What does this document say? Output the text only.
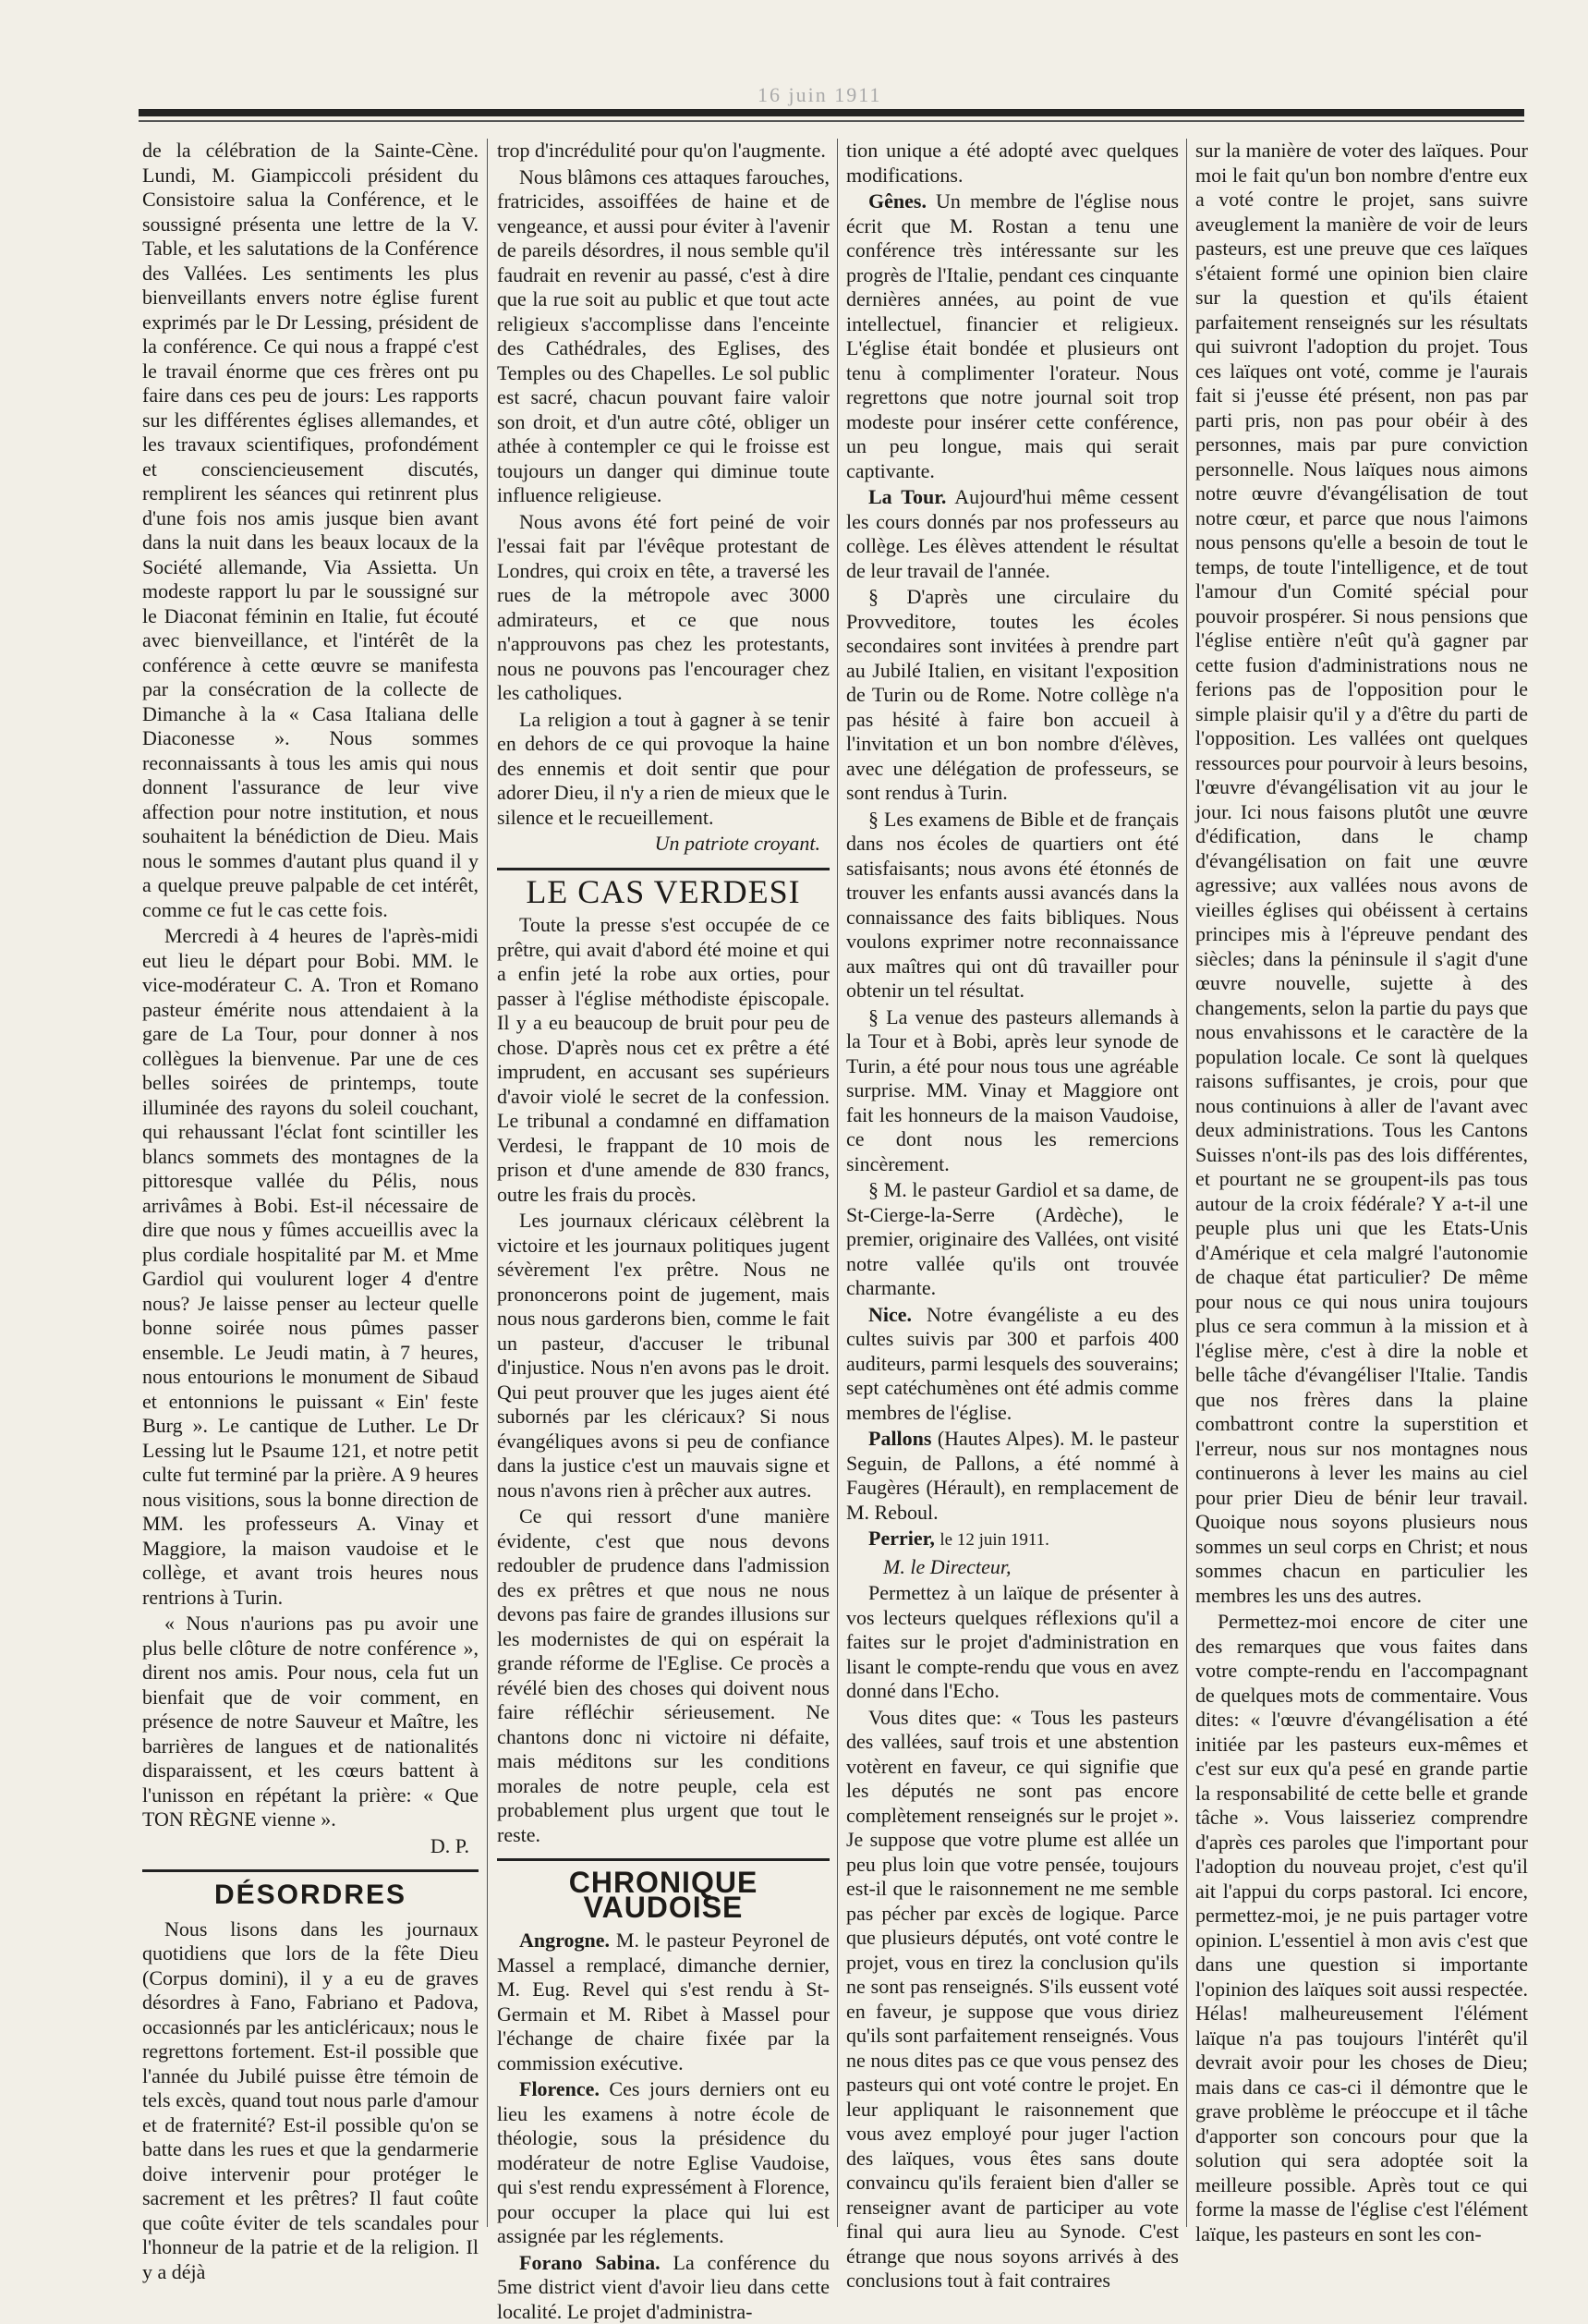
16 juin 1911

de la célébration de la Sainte-Cène. Lundi, M. Giampiccoli président du Consistoire salua la Conférence, et le soussigné présenta une lettre de la V. Table, et les salutations de la Conférence des Vallées. Les sentiments les plus bienveillants envers notre église furent exprimés par le Dr Lessing, président de la conférence. Ce qui nous a frappé c'est le travail énorme que ces frères ont pu faire dans ces peu de jours: Les rapports sur les différentes églises allemandes, et les travaux scientifiques, profondément et consciencieusement discutés, remplirent les séances qui retinrent plus d'une fois nos amis jusque bien avant dans la nuit dans les beaux locaux de la Société allemande, Via Assietta. Un modeste rapport lu par le soussigné sur le Diaconat féminin en Italie, fut écouté avec bienveillance, et l'intérêt de la conférence à cette œuvre se manifesta par la consécration de la collecte de Dimanche à la « Casa Italiana delle Diaconesse ». Nous sommes reconnaissants à tous les amis qui nous donnent l'assurance de leur vive affection pour notre institution, et nous souhaitent la bénédiction de Dieu. Mais nous le sommes d'autant plus quand il y a quelque preuve palpable de cet intérêt, comme ce fut le cas cette fois.

Mercredi à 4 heures de l'après-midi eut lieu le départ pour Bobi. MM. le vice-modérateur C. A. Tron et Romano pasteur émérite nous attendaient à la gare de La Tour, pour donner à nos collègues la bienvenue. Par une de ces belles soirées de printemps, toute illuminée des rayons du soleil couchant, qui rehaussant l'éclat font scintiller les blancs sommets des montagnes de la pittoresque vallée du Pélis, nous arrivâmes à Bobi. Est-il nécessaire de dire que nous y fûmes accueillis avec la plus cordiale hospitalité par M. et Mme Gardiol qui voulurent loger 4 d'entre nous? Je laisse penser au lecteur quelle bonne soirée nous pûmes passer ensemble. Le Jeudi matin, à 7 heures, nous entourions le monument de Sibaud et entonnions le puissant « Ein' feste Burg ». Le cantique de Luther. Le Dr Lessing lut le Psaume 121, et notre petit culte fut terminé par la prière. A 9 heures nous visitions, sous la bonne direction de MM. les professeurs A. Vinay et Maggiore, la maison vaudoise et le collège, et avant trois heures nous rentrions à Turin.

« Nous n'aurions pas pu avoir une plus belle clôture de notre conférence », dirent nos amis. Pour nous, cela fut un bienfait que de voir comment, en présence de notre Sauveur et Maître, les barrières de langues et de nationalités disparaissent, et les cœurs battent à l'unisson en répétant la prière: « Que TON RÈGNE vienne ».

D. P.
DÉSORDRES

Nous lisons dans les journaux quotidiens que lors de la fête Dieu (Corpus domini), il y a eu de graves désordres à Fano, Fabriano et Padova, occasionnés par les anticléricaux; nous le regrettons fortement. Est-il possible que l'année du Jubilé puisse être témoin de tels excès, quand tout nous parle d'amour et de fraternité? Est-il possible qu'on se batte dans les rues et que la gendarmerie doive intervenir pour protéger le sacrement et les prêtres? Il faut coûte que coûte éviter de tels scandales pour l'honneur de la patrie et de la religion. Il y a déjà

trop d'incrédulité pour qu'on l'augmente.

Nous blâmons ces attaques farouches, fratricides, assoiffées de haine et de vengeance, et aussi pour éviter à l'avenir de pareils désordres, il nous semble qu'il faudrait en revenir au passé, c'est à dire que la rue soit au public et que tout acte religieux s'accomplisse dans l'enceinte des Cathédrales, des Eglises, des Temples ou des Chapelles. Le sol public est sacré, chacun pouvant faire valoir son droit, et d'un autre côté, obliger un athée à contempler ce qui le froisse est toujours un danger qui diminue toute influence religieuse.

Nous avons été fort peiné de voir l'essai fait par l'évêque protestant de Londres, qui croix en tête, a traversé les rues de la métropole avec 3000 admirateurs, et ce que nous n'approuvons pas chez les protestants, nous ne pouvons pas l'encourager chez les catholiques.

La religion a tout à gagner à se tenir en dehors de ce qui provoque la haine des ennemis et doit sentir que pour adorer Dieu, il n'y a rien de mieux que le silence et le recueillement.

Un patriote croyant.
LE CAS VERDESI

Toute la presse s'est occupée de ce prêtre, qui avait d'abord été moine et qui a enfin jeté la robe aux orties, pour passer à l'église méthodiste épiscopale. Il y a eu beaucoup de bruit pour peu de chose. D'après nous cet ex prêtre a été imprudent, en accusant ses supérieurs d'avoir violé le secret de la confession. Le tribunal a condamné en diffamation Verdesi, le frappant de 10 mois de prison et d'une amende de 830 francs, outre les frais du procès.

Les journaux cléricaux célèbrent la victoire et les journaux politiques jugent sévèrement l'ex prêtre. Nous ne prononcerons point de jugement, mais nous nous garderons bien, comme le fait un pasteur, d'accuser le tribunal d'injustice. Nous n'en avons pas le droit. Qui peut prouver que les juges aient été subornés par les cléricaux? Si nous évangéliques avons si peu de confiance dans la justice c'est un mauvais signe et nous n'avons rien à prêcher aux autres.

Ce qui ressort d'une manière évidente, c'est que nous devons redoubler de prudence dans l'admission des ex prêtres et que nous ne nous devons pas faire de grandes illusions sur les modernistes de qui on espérait la grande réforme de l'Eglise. Ce procès a révélé bien des choses qui doivent nous faire réfléchir sérieusement. Ne chantons donc ni victoire ni défaite, mais méditons sur les conditions morales de notre peuple, cela est probablement plus urgent que tout le reste.

CHRONIQUE VAUDOISE

Angrogne. M. le pasteur Peyronel de Massel a remplacé, dimanche dernier, M. Eug. Revel qui s'est rendu à St-Germain et M. Ribet à Massel pour l'échange de chaire fixée par la commission exécutive.

Florence. Ces jours derniers ont eu lieu les examens à notre école de théologie, sous la présidence du modérateur de notre Eglise Vaudoise, qui s'est rendu expressément à Florence, pour occuper la place qui lui est assignée par les réglements.

Forano Sabina. La conférence du 5me district vient d'avoir lieu dans cette localité. Le projet d'administra-

tion unique a été adopté avec quelques modifications.

Gênes. Un membre de l'église nous écrit que M. Rostan a tenu une conférence très intéressante sur les progrès de l'Italie, pendant ces cinquante dernières années, au point de vue intellectuel, financier et religieux. L'église était bondée et plusieurs ont tenu à complimenter l'orateur. Nous regrettons que notre journal soit trop modeste pour insérer cette conférence, un peu longue, mais qui serait captivante.

La Tour. Aujourd'hui même cessent les cours donnés par nos professeurs au collège. Les élèves attendent le résultat de leur travail de l'année.

§ D'après une circulaire du Provveditore, toutes les écoles secondaires sont invitées à prendre part au Jubilé Italien, en visitant l'exposition de Turin ou de Rome. Notre collège n'a pas hésité à faire bon accueil à l'invitation et un bon nombre d'élèves, avec une délégation de professeurs, se sont rendus à Turin.

§ Les examens de Bible et de français dans nos écoles de quartiers ont été satisfaisants; nous avons été étonnés de trouver les enfants aussi avancés dans la connaissance des faits bibliques. Nous voulons exprimer notre reconnaissance aux maîtres qui ont dû travailler pour obtenir un tel résultat.

§ La venue des pasteurs allemands à la Tour et à Bobi, après leur synode de Turin, a été pour nous tous une agréable surprise. MM. Vinay et Maggiore ont fait les honneurs de la maison Vaudoise, ce dont nous les remercions sincèrement.

§ M. le pasteur Gardiol et sa dame, de St-Cierge-la-Serre (Ardèche), le premier, originaire des Vallées, ont visité notre vallée qu'ils ont trouvée charmante.

Nice. Notre évangéliste a eu des cultes suivis par 300 et parfois 400 auditeurs, parmi lesquels des souverains; sept catéchumènes ont été admis comme membres de l'église.

Pallons (Hautes Alpes). M. le pasteur Seguin, de Pallons, a été nommé à Faugères (Hérault), en remplacement de M. Reboul.

Perrier, le 12 juin 1911.

M. le Directeur,

Permettez à un laïque de présenter à vos lecteurs quelques réflexions qu'il a faites sur le projet d'administration en lisant le compte-rendu que vous en avez donné dans l'Echo.

Vous dites que: « Tous les pasteurs des vallées, sauf trois et une abstention votèrent en faveur, ce qui signifie que les députés ne sont pas encore complètement renseignés sur le projet ». Je suppose que votre plume est allée un peu plus loin que votre pensée, toujours est-il que le raisonnement ne me semble pas pécher par excès de logique. Parce que plusieurs députés, ont voté contre le projet, vous en tirez la conclusion qu'ils ne sont pas renseignés. S'ils eussent voté en faveur, je suppose que vous diriez qu'ils sont parfaitement renseignés. Vous ne nous dites pas ce que vous pensez des pasteurs qui ont voté contre le projet. En leur appliquant le raisonnement que vous avez employé pour juger l'action des laïques, vous êtes sans doute convaincu qu'ils feraient bien d'aller se renseigner avant de participer au vote final qui aura lieu au Synode. C'est étrange que nous soyons arrivés à des conclusions tout à fait contraires

sur la manière de voter des laïques. Pour moi le fait qu'un bon nombre d'entre eux a voté contre le projet, sans suivre aveuglement la manière de voir de leurs pasteurs, est une preuve que ces laïques s'étaient formé une opinion bien claire sur la question et qu'ils étaient parfaitement renseignés sur les résultats qui suivront l'adoption du projet. Tous ces laïques ont voté, comme je l'aurais fait si j'eusse été présent, non pas par parti pris, non pas pour obéir à des personnes, mais par pure conviction personnelle. Nous laïques nous aimons notre œuvre d'évangélisation de tout notre cœur, et parce que nous l'aimons nous pensons qu'elle a besoin de tout le temps, de toute l'intelligence, et de tout l'amour d'un Comité spécial pour pouvoir prospérer. Si nous pensions que l'église entière n'eût qu'à gagner par cette fusion d'administrations nous ne ferions pas de l'opposition pour le simple plaisir qu'il y a d'être du parti de l'opposition. Les vallées ont quelques ressources pour pourvoir à leurs besoins, l'œuvre d'évangélisation vit au jour le jour. Ici nous faisons plutôt une œuvre d'édification, dans le champ d'évangélisation on fait une œuvre agressive; aux vallées nous avons de vieilles églises qui obéissent à certains principes mis à l'épreuve pendant des siècles; dans la péninsule il s'agit d'une œuvre nouvelle, sujette à des changements, selon la partie du pays que nous envahissons et le caractère de la population locale. Ce sont là quelques raisons suffisantes, je crois, pour que nous continuions à aller de l'avant avec deux administrations. Tous les Cantons Suisses n'ont-ils pas des lois différentes, et pourtant ne se groupent-ils pas tous autour de la croix fédérale? Y a-t-il une peuple plus uni que les Etats-Unis d'Amérique et cela malgré l'autonomie de chaque état particulier? De même pour nous ce qui nous unira toujours plus ce sera commun à la mission et à l'église mère, c'est à dire la noble et belle tâche d'évangéliser l'Italie. Tandis que nos frères dans la plaine combattront contre la superstition et l'erreur, nous sur nos montagnes nous continuerons à lever les mains au ciel pour prier Dieu de bénir leur travail. Quoique nous soyons plusieurs nous sommes un seul corps en Christ; et nous sommes chacun en particulier les membres les uns des autres.

Permettez-moi encore de citer une des remarques que vous faites dans votre compte-rendu en l'accompagnant de quelques mots de commentaire. Vous dites: « l'œuvre d'évangélisation a été initiée par les pasteurs eux-mêmes et c'est sur eux qu'a pesé en grande partie la responsabilité de cette belle et grande tâche ». Vous laisseriez comprendre d'après ces paroles que l'important pour l'adoption du nouveau projet, c'est qu'il ait l'appui du corps pastoral. Ici encore, permettez-moi, je ne puis partager votre opinion. L'essentiel à mon avis c'est que dans une question si importante l'opinion des laïques soit aussi respectée. Hélas! malheureusement l'élément laïque n'a pas toujours l'intérêt qu'il devrait avoir pour les choses de Dieu; mais dans ce cas-ci il démontre que le grave problème le préoccupe et il tâche d'apporter son concours pour que la solution qui sera adoptée soit la meilleure possible. Après tout ce qui forme la masse de l'église c'est l'élément laïque, les pasteurs en sont les con-
